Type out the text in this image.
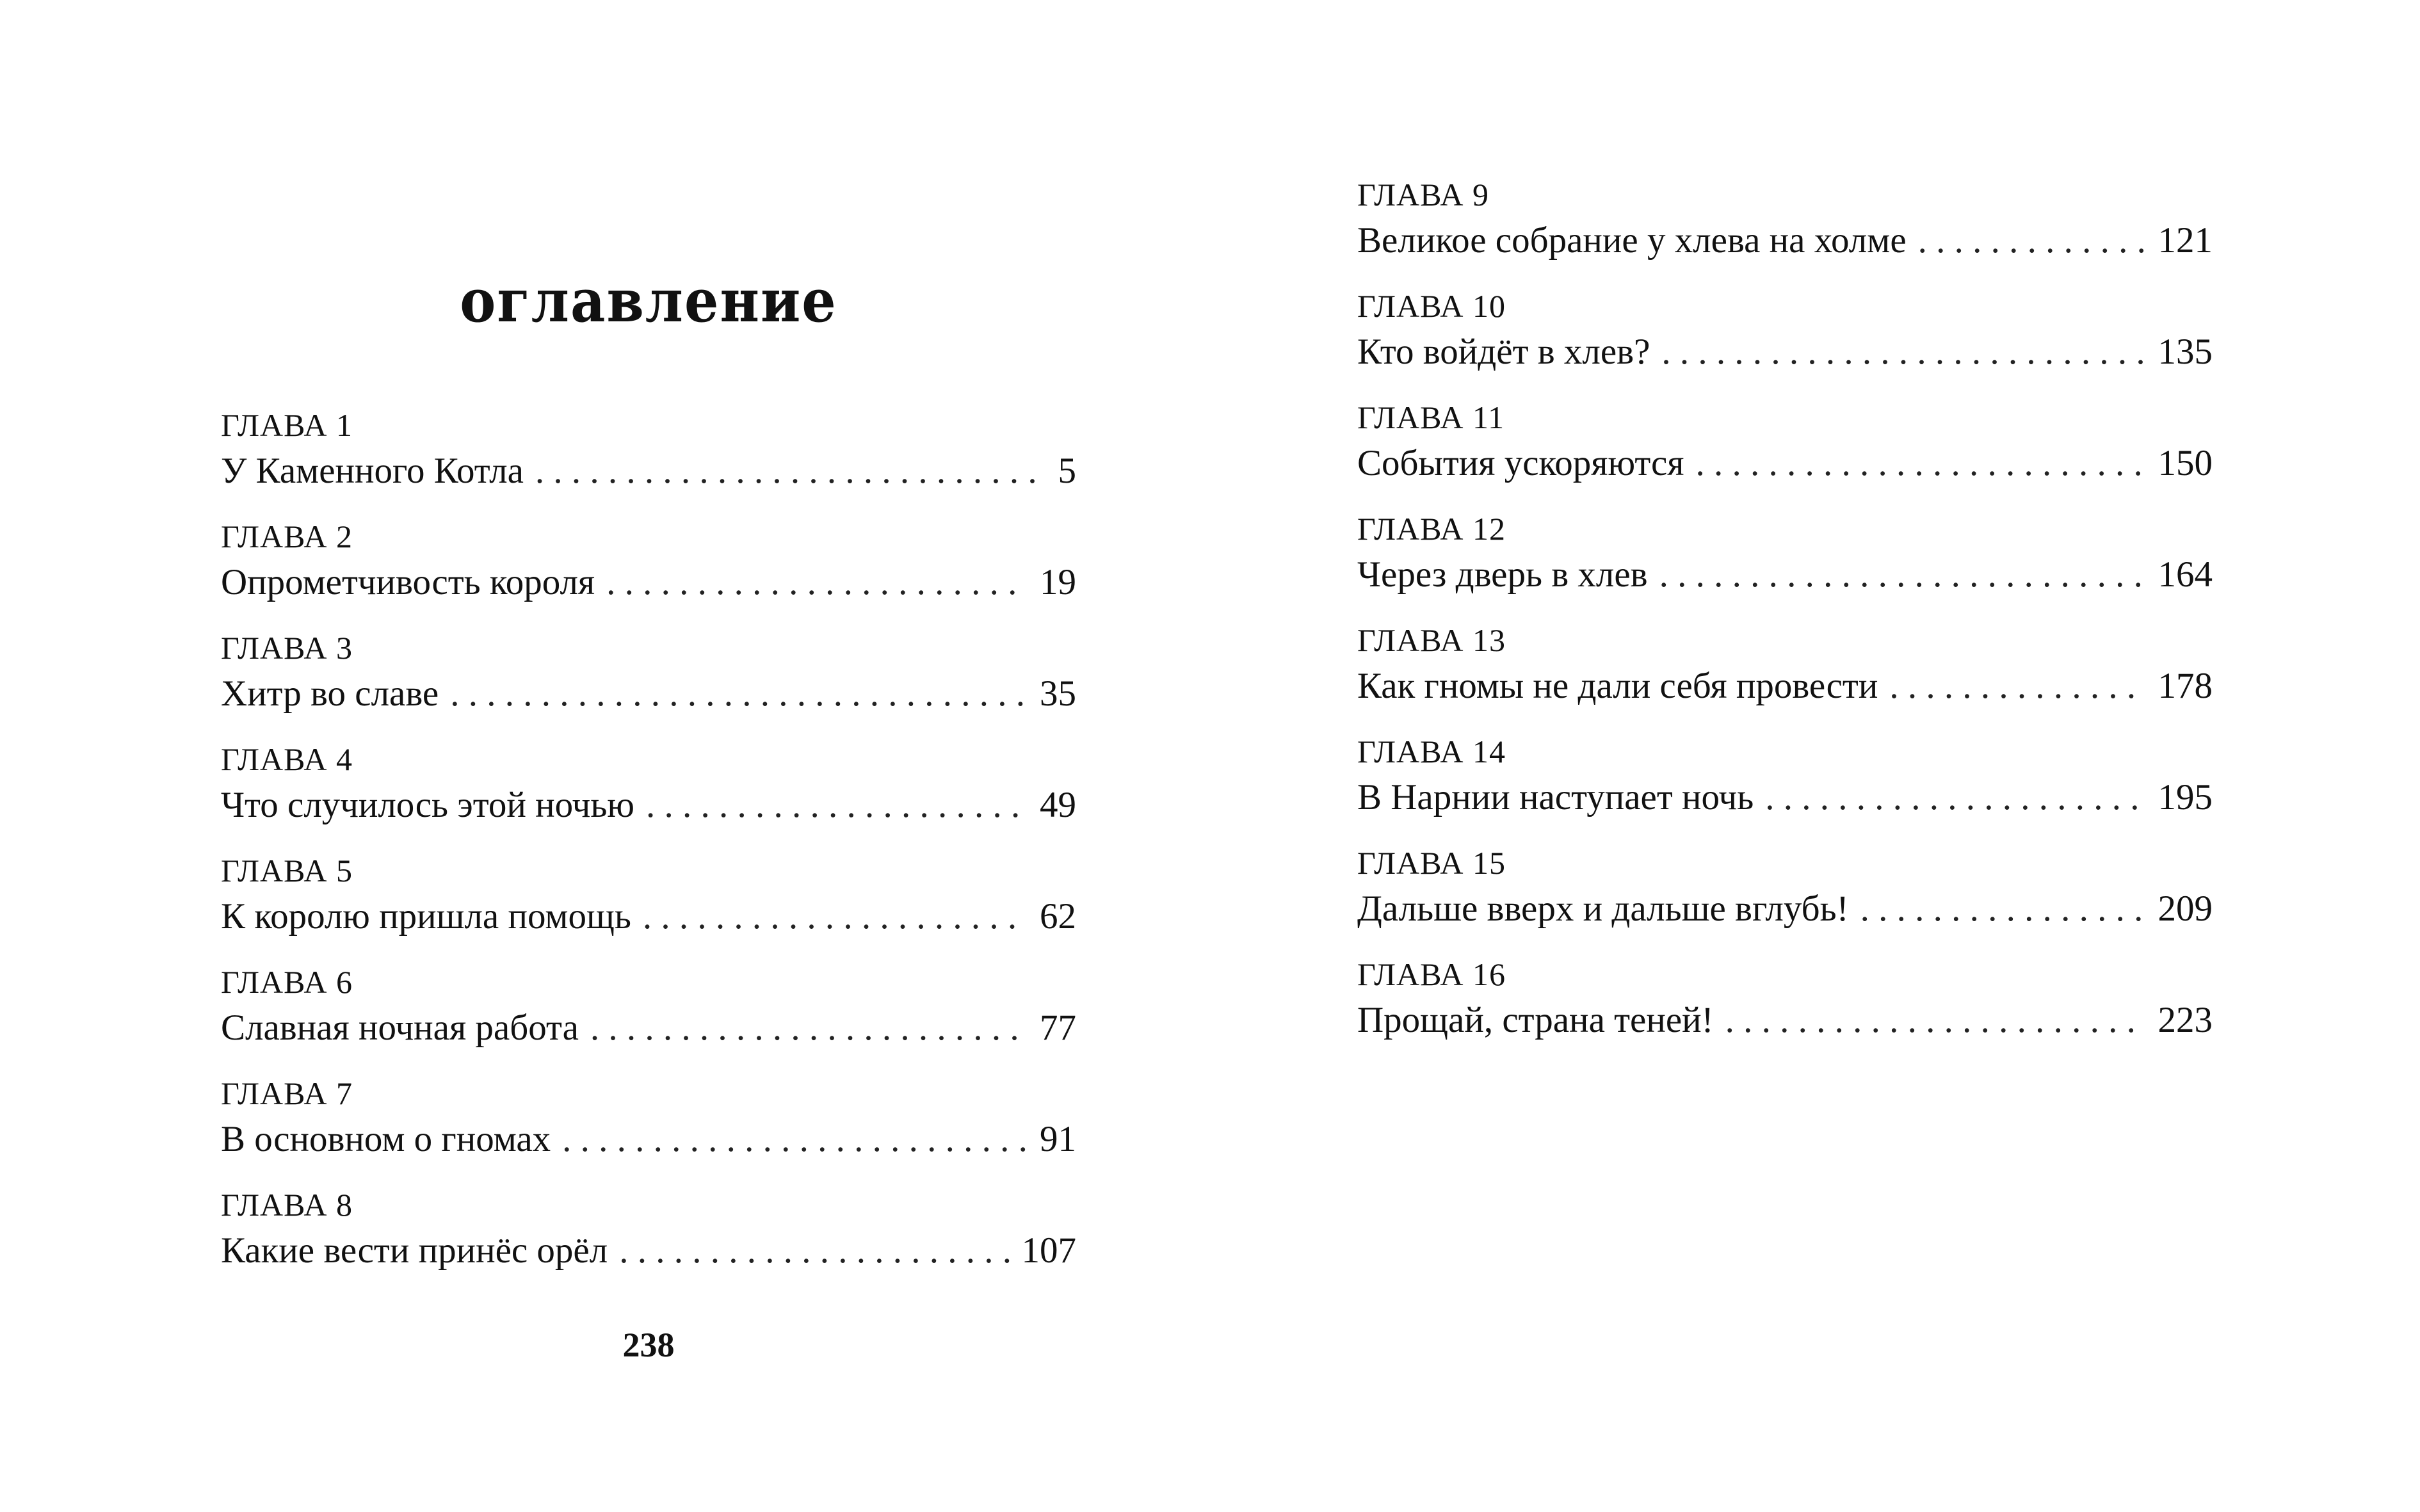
оглавление
ГЛАВА 1
У Каменного Котла . . .	5
ГЛАВА 2
Опрометчивость короля . . .	19
ГЛАВА 3
Хитр во славе . . .	35
ГЛАВА 4
Что случилось этой ночью . . .	49
ГЛАВА 5
К королю пришла помощь . . .	62
ГЛАВА 6
Славная ночная работа . . .	77
ГЛАВА 7
В основном о гномах . . .	91
ГЛАВА 8
Какие вести принёс орёл . . .	107
238
ГЛАВА 9
Великое собрание у хлева на холме . . .	121
ГЛАВА 10
Кто войдёт в хлев? . . .	135
ГЛАВА 11
События ускоряются . . .	150
ГЛАВА 12
Через дверь в хлев . . .	164
ГЛАВА 13
Как гномы не дали себя провести . . .	178
ГЛАВА 14
В Нарнии наступает ночь . . .	195
ГЛАВА 15
Дальше вверх и дальше вглубь! . . .	209
ГЛАВА 16
Прощай, страна теней! . . .	223
